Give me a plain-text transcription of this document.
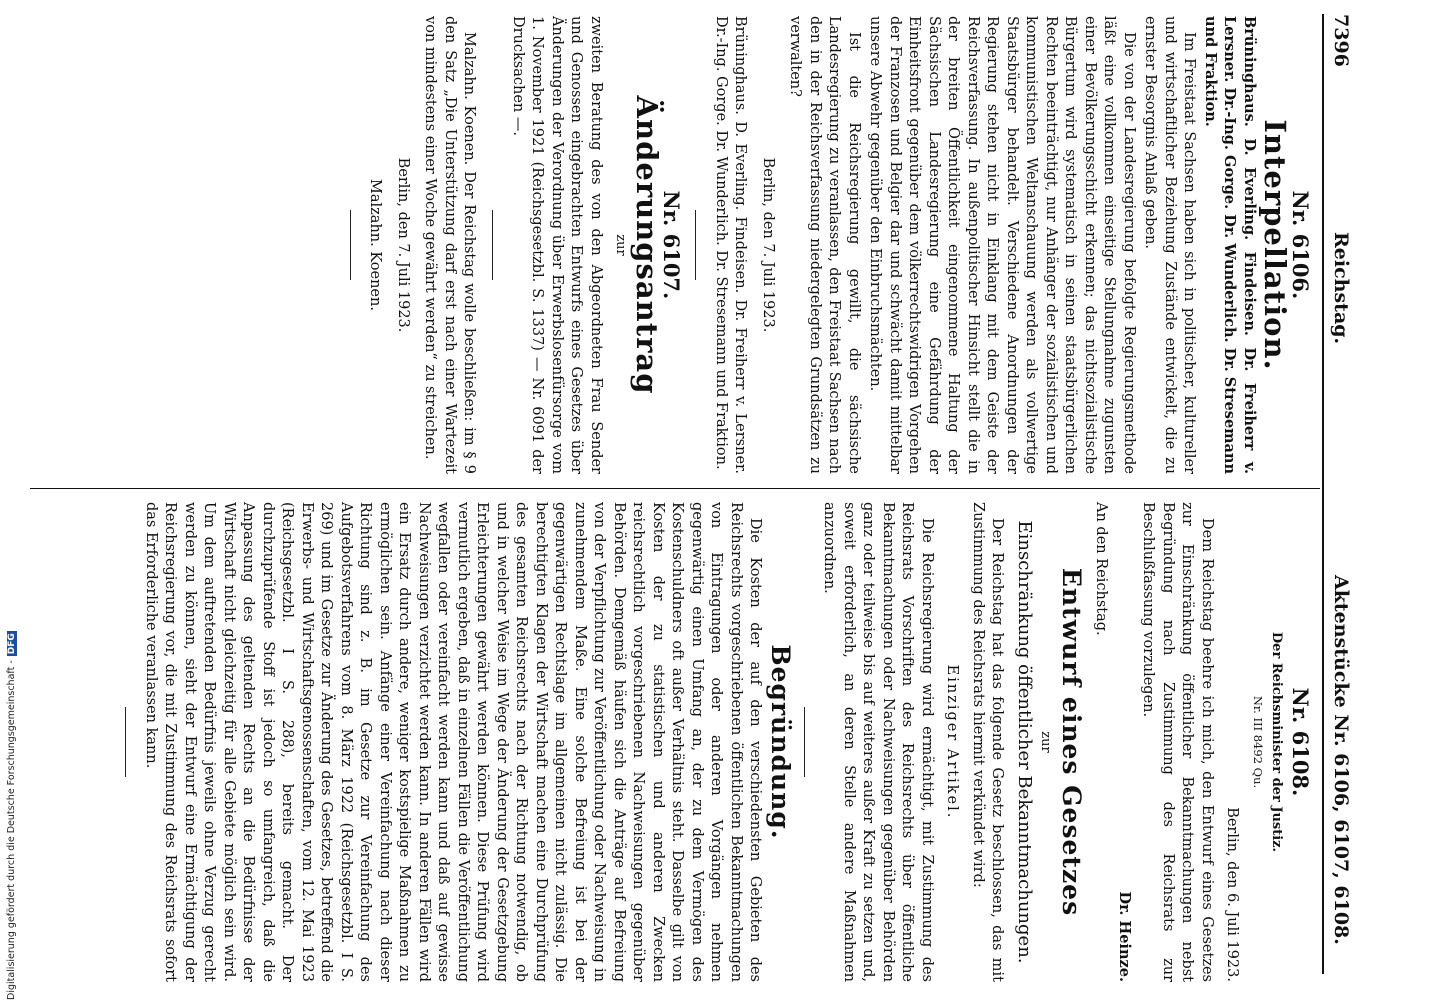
7396
Reichstag.
Aktenstücke Nr. 6106, 6107, 6108.
Nr. 6106.
Interpellation.

Brüninghaus. D. Everling. Findeisen. Dr. Freiherr v. Lersner. Dr.-Ing. Gorge. Dr. Wunderlich. Dr. Stresemann und Fraktion.

Im Freistaat Sachsen haben sich in politischer, kultureller und wirtschaftlicher Beziehung Zustände entwickelt, die zu ernster Besorgnis Anlaß geben.

Die von der Landesregierung befolgte Regierungsmethode läßt eine vollkommen einseitige Stellungnahme zugunsten einer Bevölkerungsschicht erkennen; das nichtsozialistische Bürgertum wird systematisch in seinen staatsbürgerlichen Rechten beeinträchtigt, nur Anhänger der sozialistischen und kommunistischen Weltanschauung werden als vollwertige Staatsbürger behandelt. Verschiedene Anordnungen der Regierung stehen nicht in Einklang mit dem Geiste der Reichsverfassung. In außenpolitischer Hinsicht stellt die in der breiten Öffentlichkeit eingenommene Haltung der Sächsischen Landesregierung eine Gefährdung der Einheitsfront gegenüber dem völkerrechtswidrigen Vorgehen der Franzosen und Belgier dar und schwächt damit mittelbar unsere Abwehr gegenüber den Einbruchsmächten.

Ist die Reichsregierung gewillt, die sächsische Landesregierung zu veranlassen, den Freistaat Sachsen nach den in der Reichsverfassung niedergelegten Grundsätzen zu verwalten?

Berlin, den 7. Juli 1923.

Brüninghaus. D. Everling. Findeisen. Dr. Freiherr v. Lersner. Dr.-Ing. Gorge. Dr. Wunderlich. Dr. Stresemann und Fraktion.

Nr. 6107.
Änderungsantrag
zur

zweiten Beratung des von den Abgeordneten Frau Sender und Genossen eingebrachten Entwurfs eines Gesetzes über Änderungen der Verordnung über Erwerbslosenfürsorge vom 1. November 1921 (Reichsgesetzbl. S. 1337) — Nr. 6091 der Drucksachen —.

Malzahn. Koenen. Der Reichstag wolle beschließen: im § 9 den Satz „Die Unterstützung darf erst nach einer Wartezeit von mindestens einer Woche gewährt werden“ zu streichen.

Berlin, den 7. Juli 1923.

Malzahn. Koenen.

Nr. 6108.
Der Reichsminister der Justiz.
Nr. III 8492 Qu.

Berlin, den 6. Juli 1923.

Dem Reichstag beehre ich mich, den Entwurf eines Gesetzes zur Einschränkung öffentlicher Bekanntmachungen nebst Begründung nach Zustimmung des Reichsrats zur Beschlußfassung vorzulegen.

Dr. Heinze.

An den Reichstag.

Entwurf eines Gesetzes
zur
Einschränkung öffentlicher Bekanntmachungen.

Der Reichstag hat das folgende Gesetz beschlossen, das mit Zustimmung des Reichsrats hiermit verkündet wird:

Einziger Artikel.

Die Reichsregierung wird ermächtigt, mit Zustimmung des Reichsrats Vorschriften des Reichsrechts über öffentliche Bekanntmachungen oder Nachweisungen gegenüber Behörden ganz oder teilweise bis auf weiteres außer Kraft zu setzen und, soweit erforderlich, an deren Stelle andere Maßnahmen anzuordnen.

Begründung.

Die Kosten der auf den verschiedensten Gebieten des Reichsrechts vorgeschriebenen öffentlichen Bekanntmachungen von Eintragungen oder anderen Vorgängen nehmen gegenwärtig einen Umfang an, der zu dem Vermögen des Kostenschuldners oft außer Verhältnis steht. Dasselbe gilt von Kosten der zu statistischen und anderen Zwecken reichsrechtlich vorgeschriebenen Nachweisungen gegenüber Behörden. Demgemäß häufen sich die Anträge auf Befreiung von der Verpflichtung zur Veröffentlichung oder Nachweisung in zunehmendem Maße. Eine solche Befreiung ist bei der gegenwärtigen Rechtslage im allgemeinen nicht zulässig. Die berechtigten Klagen der Wirtschaft machen eine Durchprüfung des gesamten Reichsrechts nach der Richtung notwendig, ob und in welcher Weise im Wege der Änderung der Gesetzgebung Erleichterungen gewährt werden können. Diese Prüfung wird vermutlich ergeben, daß in einzelnen Fällen die Veröffentlichung wegfallen oder vereinfacht werden kann und daß auf gewisse Nachweisungen verzichtet werden kann. In anderen Fällen wird ein Ersatz durch andere, weniger kostspielige Maßnahmen zu ermöglichen sein. Anfänge einer Vereinfachung nach dieser Richtung sind z. B. im Gesetze zur Vereinfachung des Aufgebotsverfahrens vom 8. März 1922 (Reichsgesetzbl. I S. 269) und im Gesetze zur Änderung des Gesetzes, betreffend die Erwerbs- und Wirtschaftsgenossenschaften, vom 12. Mai 1923 (Reichsgesetzbl. I S. 288), bereits gemacht. Der durchzuprüfende Stoff ist jedoch so umfangreich, daß die Anpassung des geltenden Rechts an die Bedürfnisse der Wirtschaft nicht gleichzeitig für alle Gebiete möglich sein wird. Um dem auftretenden Bedürfnis jeweils ohne Verzug gerecht werden zu können, sieht der Entwurf eine Ermächtigung der Reichsregierung vor, die mit Zustimmung des Reichsrats sofort das Erforderliche veranlassen kann.

Digitalisierung gefördert durch die Deutsche Forschungsgemeinschaft -DFG
